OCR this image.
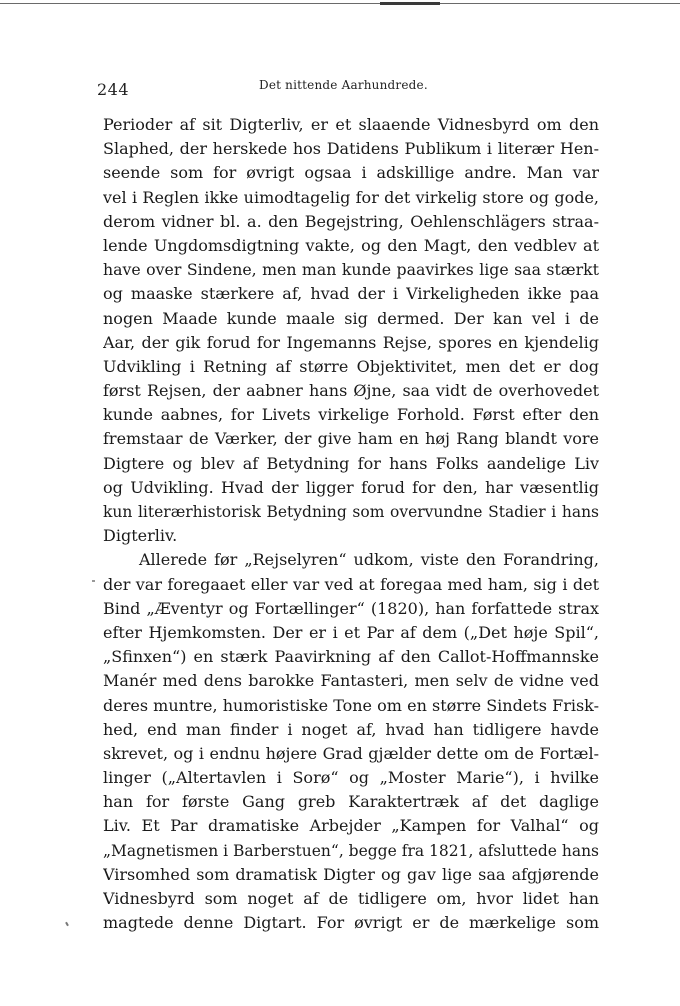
244	Det nittende Aarhundrede.
Perioder af sit Digterliv, er et slaaende Vidnesbyrd om den
Slaphed, der herskede hos Datidens Publikum i literær Hen-
seende som for øvrigt ogsaa i adskillige andre. Man var
vel i Reglen ikke uimodtagelig for det virkelig store og gode,
derom vidner bl. a. den Begejstring, Oehlenschlägers straa-
lende Ungdomsdigtning vakte, og den Magt, den vedblev at
have over Sindene, men man kunde paavirkes lige saa stærkt
og maaske stærkere af, hvad der i Virkeligheden ikke paa
nogen Maade kunde maale sig dermed. Der kan vel i de
Aar, der gik forud for Ingemanns Rejse, spores en kjendelig
Udvikling i Retning af større Objektivitet, men det er dog
først Rejsen, der aabner hans Øjne, saa vidt de overhovedet
kunde aabnes, for Livets virkelige Forhold. Først efter den
fremstaar de Værker, der give ham en høj Rang blandt vore
Digtere og blev af Betydning for hans Folks aandelige Liv
og Udvikling. Hvad der ligger forud for den, har væsentlig
kun literærhistorisk Betydning som overvundne Stadier i hans
Digterliv.
Allerede før „Rejselyren“ udkom, viste den Forandring,
der var foregaaet eller var ved at foregaa med ham, sig i det
Bind „Æventyr og Fortællinger“ (1820), han forfattede strax
efter Hjemkomsten. Der er i et Par af dem („Det høje Spil“,
„Sfinxen“) en stærk Paavirkning af den Callot-Hoffmannske
Manér med dens barokke Fantasteri, men selv de vidne ved
deres muntre, humoristiske Tone om en større Sindets Frisk-
hed, end man finder i noget af, hvad han tidligere havde
skrevet, og i endnu højere Grad gjælder dette om de Fortæl-
linger („Altertavlen i Sorø“ og „Moster Marie“), i hvilke
han for første Gang greb Karaktertræk af det daglige
Liv. Et Par dramatiske Arbejder „Kampen for Valhal“ og
„Magnetismen i Barberstuen“, begge fra 1821, afsluttede hans
Virsomhed som dramatisk Digter og gav lige saa afgjørende
Vidnesbyrd som noget af de tidligere om, hvor lidet han
magtede denne Digtart. For øvrigt er de mærkelige som
